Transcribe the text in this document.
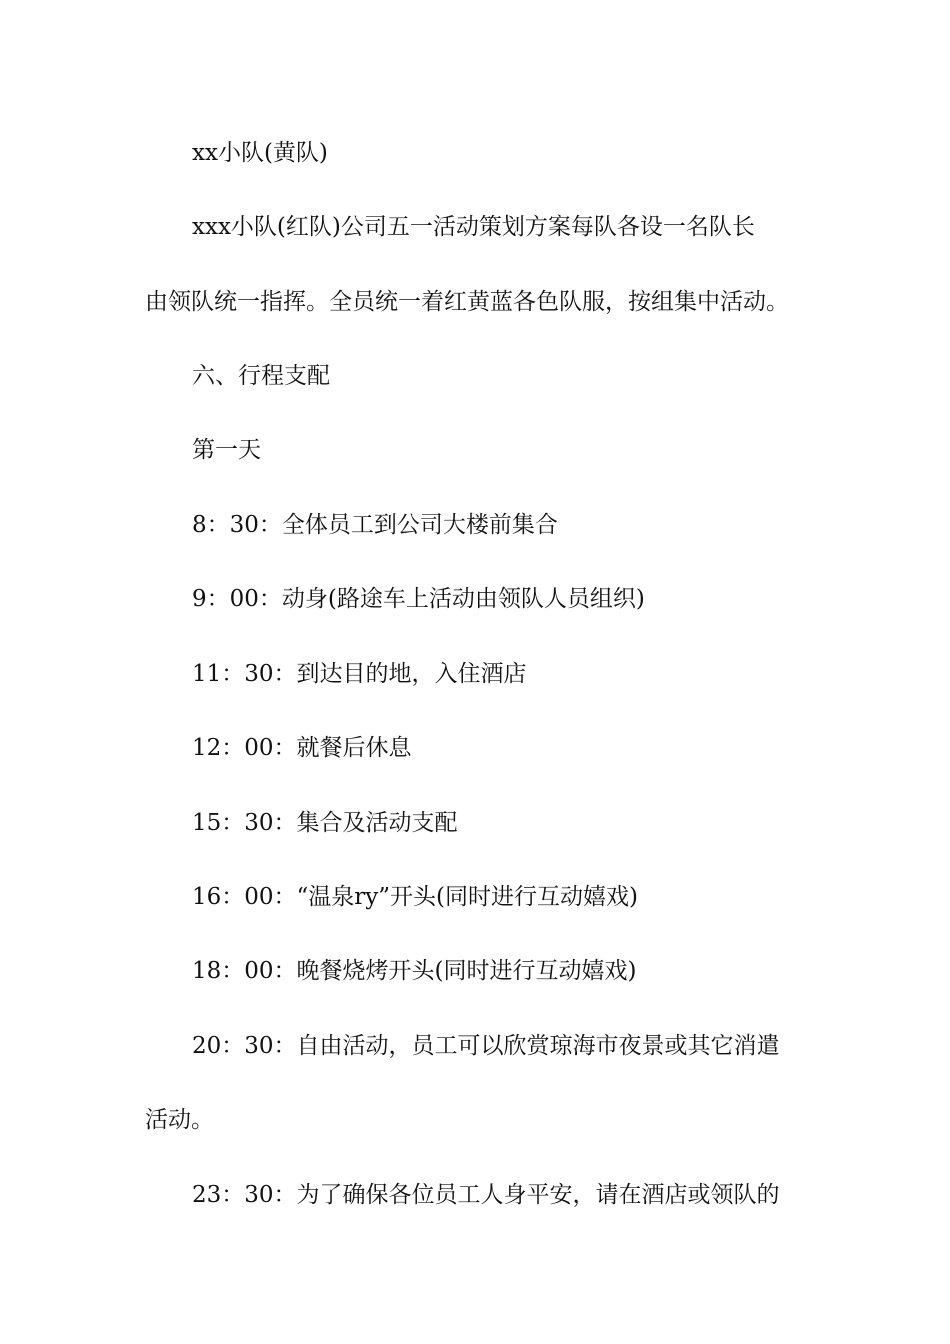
xx小队(黄队)
xxx小队(红队)公司五一活动策划方案每队各设一名队长
由领队统一指挥。全员统一着红黄蓝各色队服，按组集中活动。
六、行程支配
第一天
8：30：全体员工到公司大楼前集合
9：00：动身(路途车上活动由领队人员组织)
11：30：到达目的地，入住酒店
12：00：就餐后休息
15：30：集合及活动支配
16：00：“温泉ry”开头(同时进行互动嬉戏)
18：00：晚餐烧烤开头(同时进行互动嬉戏)
20：30：自由活动，员工可以欣赏琼海市夜景或其它消遣
活动。
23：30：为了确保各位员工人身平安，请在酒店或领队的
